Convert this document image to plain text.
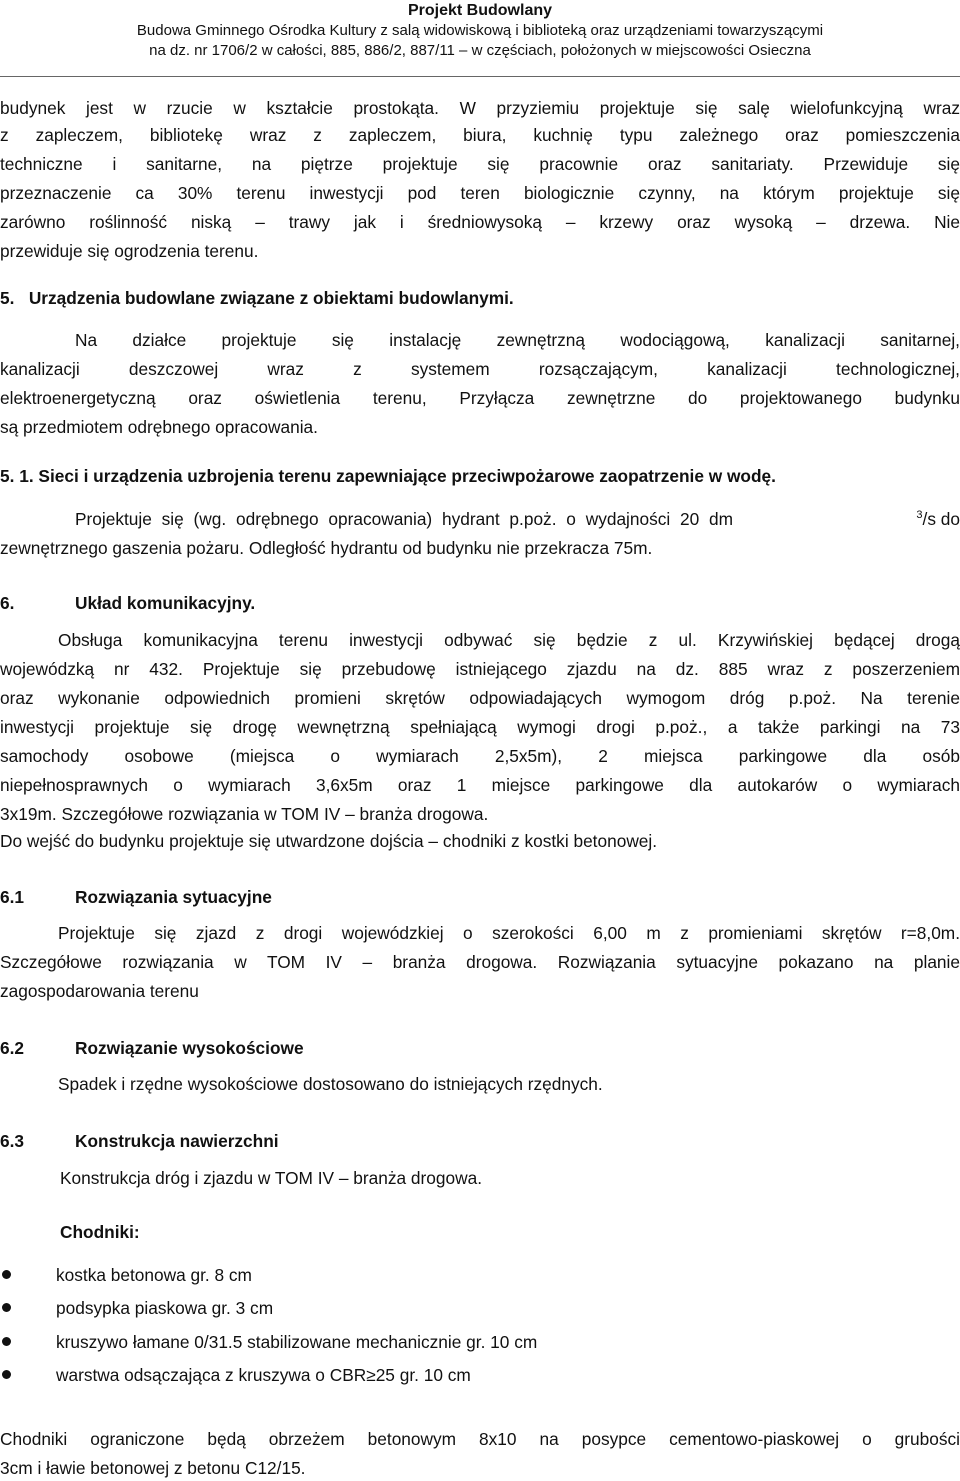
Projekt Budowlany
Budowa Gminnego Ośrodka Kultury z salą widowiskową i biblioteką oraz urządzeniami towarzyszącymi
na dz. nr 1706/2 w całości, 885, 886/2, 887/11 – w częściach, położonych w miejscowości Osieczna
budynek jest w rzucie w kształcie prostokąta. W przyziemiu projektuje się salę wielofunkcyjną wraz
z zapleczem, bibliotekę wraz z zapleczem, biura, kuchnię typu zależnego oraz pomieszczenia
techniczne i sanitarne, na piętrze projektuje się pracownie oraz sanitariaty. Przewiduje się
przeznaczenie ca 30% terenu inwestycji pod teren biologicznie czynny, na którym projektuje się
zarówno roślinność niską – trawy jak i średniowysoką – krzewy oraz wysoką – drzewa. Nie
przewiduje się ogrodzenia terenu.
5.   Urządzenia budowlane związane z obiektami budowlanymi.
Na działce projektuje się instalację zewnętrzną wodociągową, kanalizacji sanitarnej,
kanalizacji deszczowej wraz z systemem rozsączającym, kanalizacji technologicznej,
elektroenergetyczną oraz oświetlenia terenu, Przyłącza zewnętrzne do projektowanego budynku
są przedmiotem odrębnego opracowania.
5. 1. Sieci i urządzenia uzbrojenia terenu zapewniające przeciwpożarowe zaopatrzenie w wodę.
Projektuje się (wg. odrębnego opracowania) hydrant p.poż. o wydajności 20 dm	$^3$/s do
zewnętrznego gaszenia pożaru. Odległość hydrantu od budynku nie przekracza 75m.
6.	Układ komunikacyjny.
Obsługa komunikacyjna terenu inwestycji odbywać się będzie z ul. Krzywińskiej będącej drogą
wojewódzką nr 432. Projektuje się przebudowę istniejącego zjazdu na dz. 885 wraz z poszerzeniem
oraz wykonanie odpowiednich promieni skrętów odpowiadających wymogom dróg p.poż. Na terenie
inwestycji projektuje się drogę wewnętrzną spełniającą wymogi drogi p.poż., a także parkingi na 73
samochody osobowe (miejsca o wymiarach 2,5x5m), 2 miejsca parkingowe dla osób
niepełnosprawnych o wymiarach 3,6x5m oraz 1 miejsce parkingowe dla autokarów o wymiarach
3x19m. Szczegółowe rozwiązania w TOM IV – branża drogowa.
Do wejść do budynku projektuje się utwardzone dojścia – chodniki z kostki betonowej.
6.1	Rozwiązania sytuacyjne
Projektuje się zjazd z drogi wojewódzkiej o szerokości 6,00 m z promieniami skrętów r=8,0m.
Szczegółowe rozwiązania w TOM IV – branża drogowa. Rozwiązania sytuacyjne pokazano na planie
zagospodarowania terenu
6.2	Rozwiązanie wysokościowe
Spadek i rzędne wysokościowe dostosowano do istniejących rzędnych.
6.3	Konstrukcja nawierzchni
Konstrukcja dróg i zjazdu w TOM IV – branża drogowa.
Chodniki:
kostka betonowa gr. 8 cm
podsypka piaskowa gr. 3 cm
kruszywo łamane 0/31.5 stabilizowane mechanicznie gr. 10 cm
warstwa odsączająca z kruszywa o CBR≥25 gr. 10 cm
Chodniki ograniczone będą obrzeżem betonowym 8x10 na posypce cementowo-piaskowej o grubości
3cm i ławie betonowej z betonu C12/15.
